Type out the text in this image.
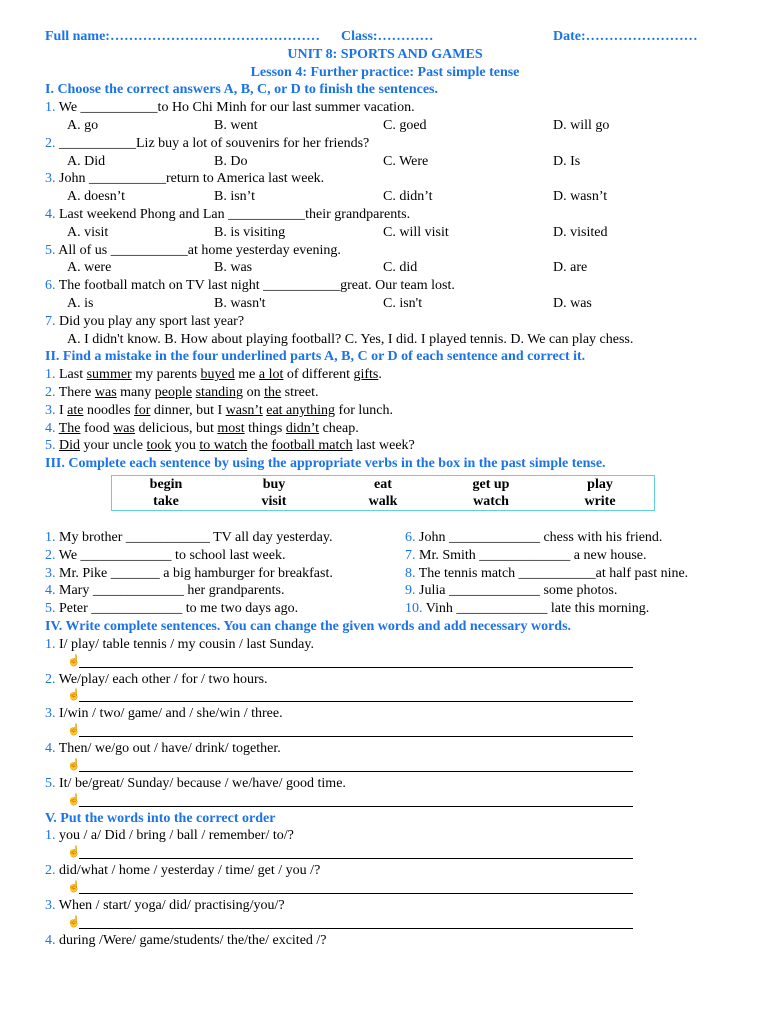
Full name:……………………………………… Class:…………	Date:……………………
UNIT 8: SPORTS AND GAMES
Lesson 4: Further practice: Past simple tense
I. Choose the correct answers A, B, C, or D to finish the sentences.
1. We ___________to Ho Chi Minh for our last summer vacation.
A. go	B. went	C. goed	D. will go
2. ___________Liz buy a lot of souvenirs for her friends?
A. Did	B. Do	C. Were	D. Is
3. John ___________return to America last week.
A. doesn’t	B. isn’t	C. didn’t	D. wasn’t
4. Last weekend Phong and Lan ___________their grandparents.
A. visit	B. is visiting	C. will visit	D. visited
5. All of us ___________at home yesterday evening.
A. were	B. was	C. did	D. are
6. The football match on TV last night ___________great. Our team lost.
A. is	B. wasn't	C. isn't	D. was
7. Did you play any sport last year?
A. I didn't know. B. How about playing football? C. Yes, I did. I played tennis. D. We can play chess.
II. Find a mistake in the four underlined parts A, B, C or D of each sentence and correct it.
1. Last summer my parents buyed me a lot of different gifts.
2. There was many people standing on the street.
3. I ate noodles for dinner, but I wasn’t eat anything for lunch.
4. The food was delicious, but most things didn’t cheap.
5. Did your uncle took you to watch the football match last week?
III. Complete each sentence by using the appropriate verbs in the box in the past simple tense.
begin	buy	eat	get up	play
take	visit	walk	watch	write
1. My brother ____________ TV all day yesterday.	6. John _____________ chess with his friend.
2. We _____________ to school last week.	7. Mr. Smith _____________ a new house.
3. Mr. Pike _______ a big hamburger for breakfast.	8. The tennis match ___________at half past nine.
4. Mary _____________ her grandparents.	9. Julia _____________ some photos.
5. Peter _____________ to me two days ago.	10. Vinh _____________ late this morning.
IV. Write complete sentences. You can change the given words and add necessary words.
1. I/ play/ table tennis / my cousin / last Sunday.
☝
2. We/play/ each other / for / two hours.
☝
3. I/win / two/ game/ and / she/win / three.
☝
4. Then/ we/go out / have/ drink/ together.
☝
5. It/ be/great/ Sunday/ because / we/have/ good time.
☝
V. Put the words into the correct order
1. you / a/ Did / bring / ball / remember/ to/?
☝
2. did/what / home / yesterday / time/ get / you /?
☝
3. When / start/ yoga/ did/ practising/you/?
☝
4. during /Were/ game/students/ the/the/ excited /?
